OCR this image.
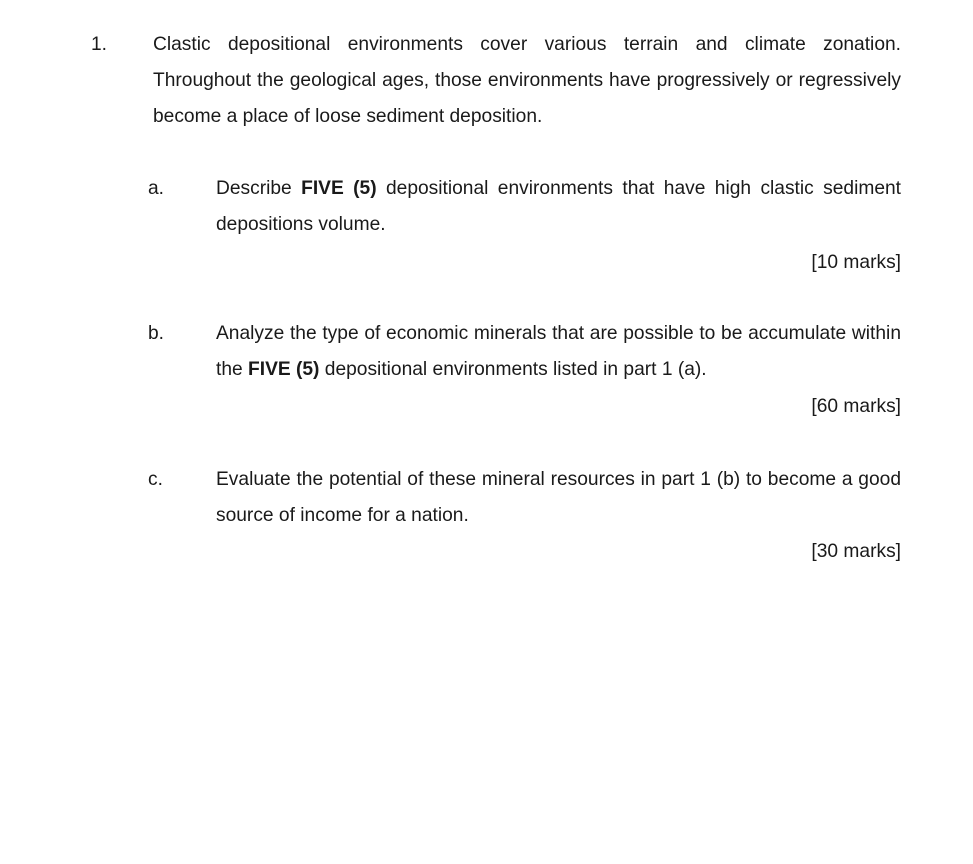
1. Clastic depositional environments cover various terrain and climate zonation. Throughout the geological ages, those environments have progressively or regressively become a place of loose sediment deposition.
a.	Describe FIVE (5) depositional environments that have high clastic sediment depositions volume.
[10 marks]
b.	Analyze the type of economic minerals that are possible to be accumulate within the FIVE (5) depositional environments listed in part 1 (a).
[60 marks]
c.	Evaluate the potential of these mineral resources in part 1 (b) to become a good source of income for a nation.
[30 marks]
